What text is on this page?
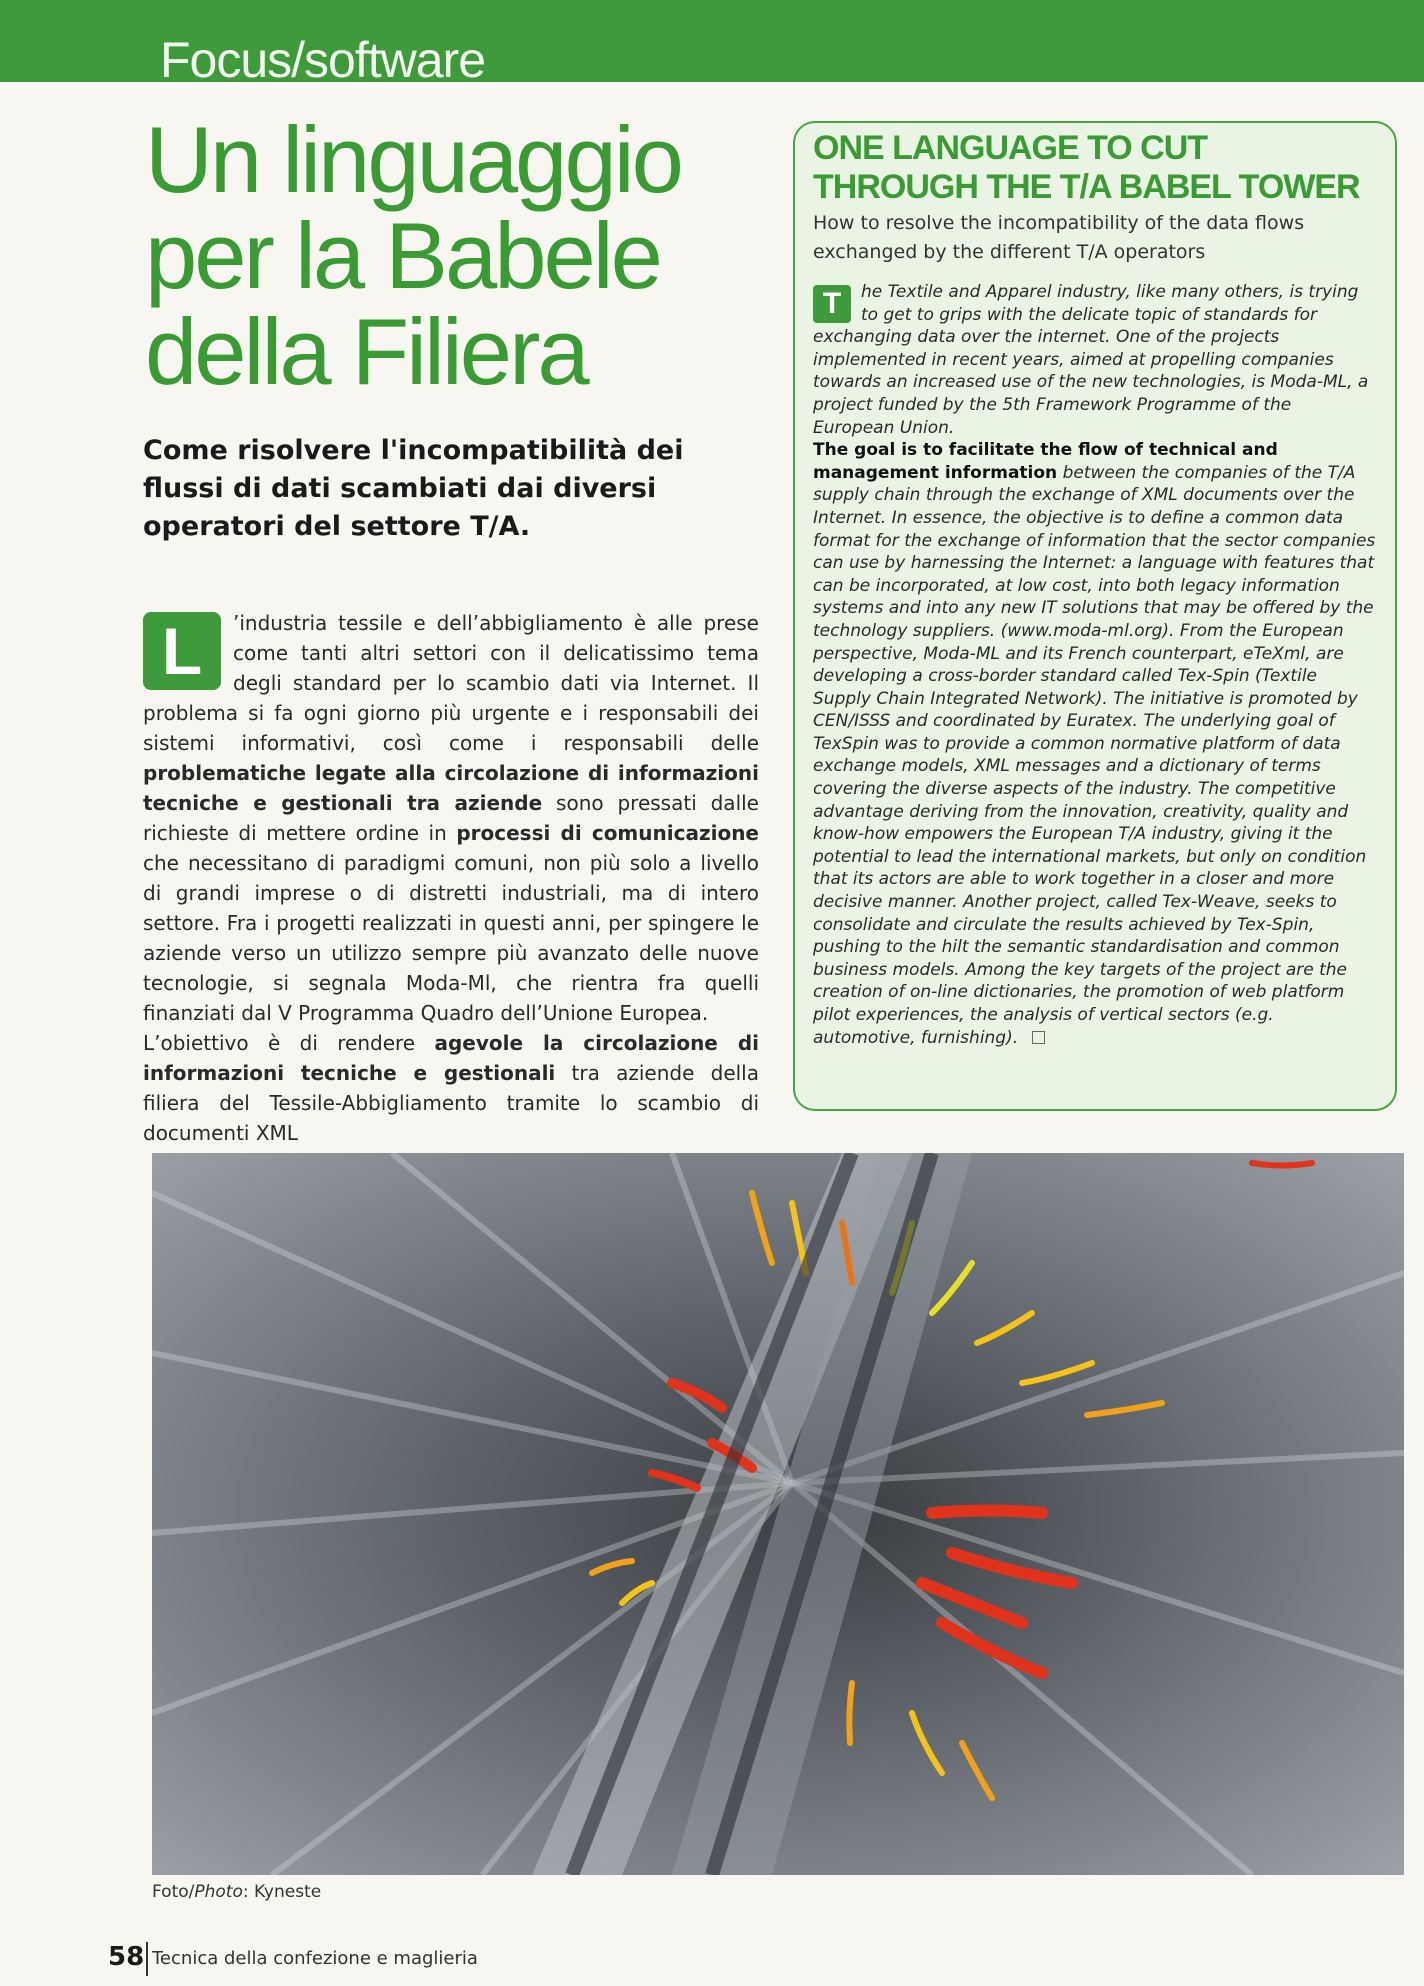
Focus/software
Un linguaggio
per la Babele
della Filiera

Come risolvere l'incompatibilità dei flussi di dati scambiati dai diversi operatori del settore T/A.

L	’industria tessile e dell’abbigliamento è alle prese come tanti altri settori con il delicatissimo tema degli standard per lo scambio dati via Internet. Il problema si fa ogni giorno più urgente e i responsabili dei sistemi informativi, così come i responsabili delle problematiche legate alla circolazione di informazioni tecniche e gestionali tra aziende sono pressati dalle richieste di mettere ordine in processi di comunicazione che necessitano di paradigmi comuni, non più solo a livello di grandi imprese o di distretti industriali, ma di intero settore. Fra i progetti realizzati in questi anni, per spingere le aziende verso un utilizzo sempre più avanzato delle nuove tecnologie, si segnala Moda-Ml, che rientra fra quelli finanziati dal V Programma Quadro dell’Unione Europea.

L’obiettivo è di rendere agevole la circolazione di informazioni tecniche e gestionali tra aziende della filiera del Tessile-Abbigliamento tramite lo scambio di documenti XML

ONE LANGUAGE TO CUT THROUGH THE T/A BABEL TOWER

How to resolve the incompatibility of the data flows exchanged by the different T/A operators

T	he Textile and Apparel industry, like many others, is trying to get to grips with the delicate topic of standards for exchanging data over the internet. One of the projects implemented in recent years, aimed at propelling companies towards an increased use of the new technologies, is Moda-ML, a project funded by the 5th Framework Programme of the European Union.
The goal is to facilitate the flow of technical and management information between the companies of the T/A supply chain through the exchange of XML documents over the Internet. In essence, the objective is to define a common data format for the exchange of information that the sector companies can use by harnessing the Internet: a language with features that can be incorporated, at low cost, into both legacy information systems and into any new IT solutions that may be offered by the technology suppliers. (www.moda-ml.org). From the European perspective, Moda-ML and its French counterpart, eTeXml, are developing a cross-border standard called Tex-Spin (Textile Supply Chain Integrated Network). The initiative is promoted by CEN/ISSS and coordinated by Euratex. The underlying goal of TexSpin was to provide a common normative platform of data exchange models, XML messages and a dictionary of terms covering the diverse aspects of the industry. The competitive advantage deriving from the innovation, creativity, quality and know-how empowers the European T/A industry, giving it the potential to lead the international markets, but only on condition that its actors are able to work together in a closer and more decisive manner. Another project, called Tex-Weave, seeks to consolidate and circulate the results achieved by Tex-Spin, pushing to the hilt the semantic standardisation and common business models. Among the key targets of the project are the creation of on-line dictionaries, the promotion of web platform pilot experiences, the analysis of vertical sectors (e.g. automotive, furnishing).

Foto/Photo: Kyneste
58 Tecnica della confezione e maglieria
